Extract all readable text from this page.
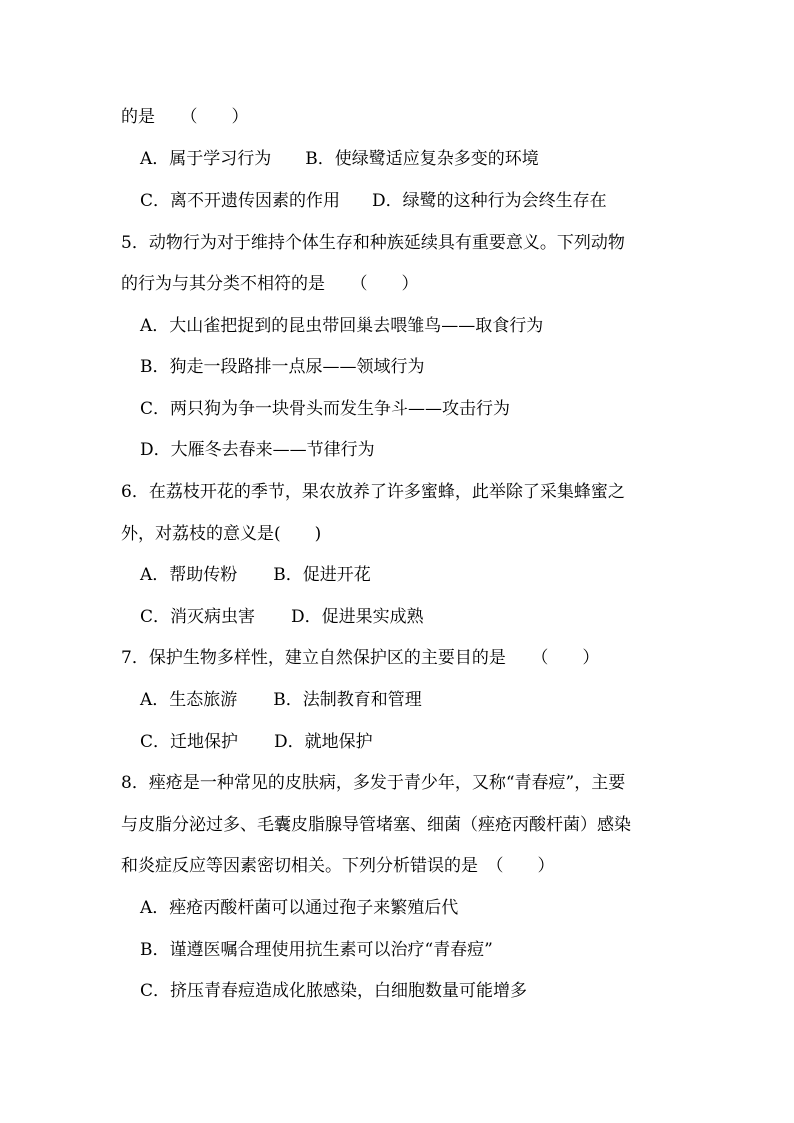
的是　　（　　）
A．属于学习行为 B．使绿鹭适应复杂多变的环境
C．离不开遗传因素的作用 D．绿鹭的这种行为会终生存在
5．动物行为对于维持个体生存和种族延续具有重要意义。下列动物
的行为与其分类不相符的是　　（　　）
A．大山雀把捉到的昆虫带回巢去喂雏鸟——取食行为
B．狗走一段路排一点尿——领域行为
C．两只狗为争一块骨头而发生争斗——攻击行为
D．大雁冬去春来——节律行为
6．在荔枝开花的季节，果农放养了许多蜜蜂，此举除了采集蜂蜜之
外，对荔枝的意义是(　　)
A．帮助传粉 B．促进开花
C．消灭病虫害 D．促进果实成熟
7．保护生物多样性，建立自然保护区的主要目的是　　（　　）
A．生态旅游 B．法制教育和管理
C．迁地保护 D．就地保护
8．痤疮是一种常见的皮肤病，多发于青少年，又称“青春痘”，主要
与皮脂分泌过多、毛囊皮脂腺导管堵塞、细菌（痤疮丙酸杆菌）感染
和炎症反应等因素密切相关。下列分析错误的是　（　　）
A．痤疮丙酸杆菌可以通过孢子来繁殖后代
B．谨遵医嘱合理使用抗生素可以治疗“青春痘”
C．挤压青春痘造成化脓感染，白细胞数量可能增多
